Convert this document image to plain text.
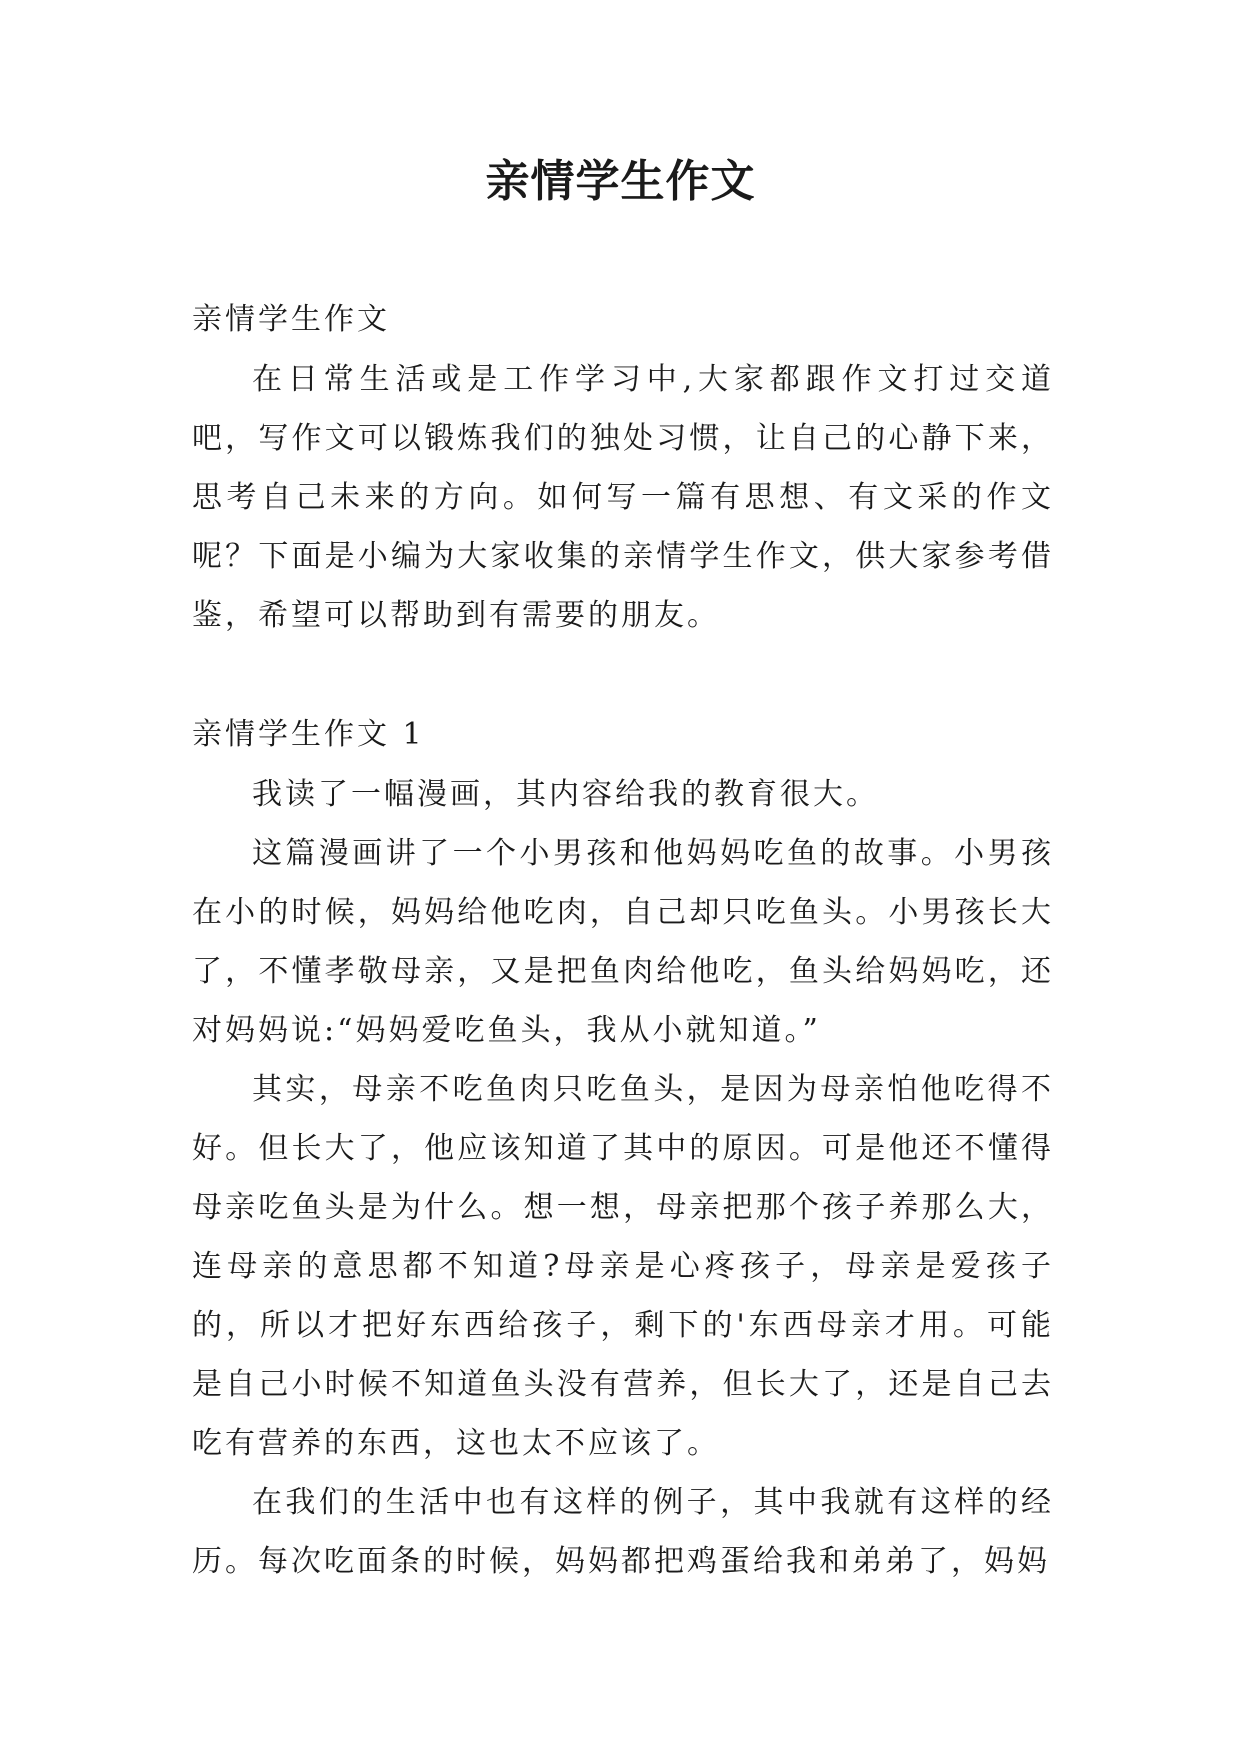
亲情学生作文

亲情学生作文

在日常生活或是工作学习中,大家都跟作文打过交道吧，写作文可以锻炼我们的独处习惯，让自己的心静下来，思考自己未来的方向。如何写一篇有思想、有文采的作文呢？下面是小编为大家收集的亲情学生作文，供大家参考借鉴，希望可以帮助到有需要的朋友。

亲情学生作文 1

我读了一幅漫画，其内容给我的教育很大。

这篇漫画讲了一个小男孩和他妈妈吃鱼的故事。小男孩在小的时候，妈妈给他吃肉，自己却只吃鱼头。小男孩长大了，不懂孝敬母亲，又是把鱼肉给他吃，鱼头给妈妈吃，还对妈妈说:“妈妈爱吃鱼头，我从小就知道。”

其实，母亲不吃鱼肉只吃鱼头，是因为母亲怕他吃得不好。但长大了，他应该知道了其中的原因。可是他还不懂得母亲吃鱼头是为什么。想一想，母亲把那个孩子养那么大，连母亲的意思都不知道?母亲是心疼孩子，母亲是爱孩子的，所以才把好东西给孩子，剩下的'东西母亲才用。可能是自己小时候不知道鱼头没有营养，但长大了，还是自己去吃有营养的东西，这也太不应该了。

在我们的生活中也有这样的例子，其中我就有这样的经历。每次吃面条的时候，妈妈都把鸡蛋给我和弟弟了，妈妈
